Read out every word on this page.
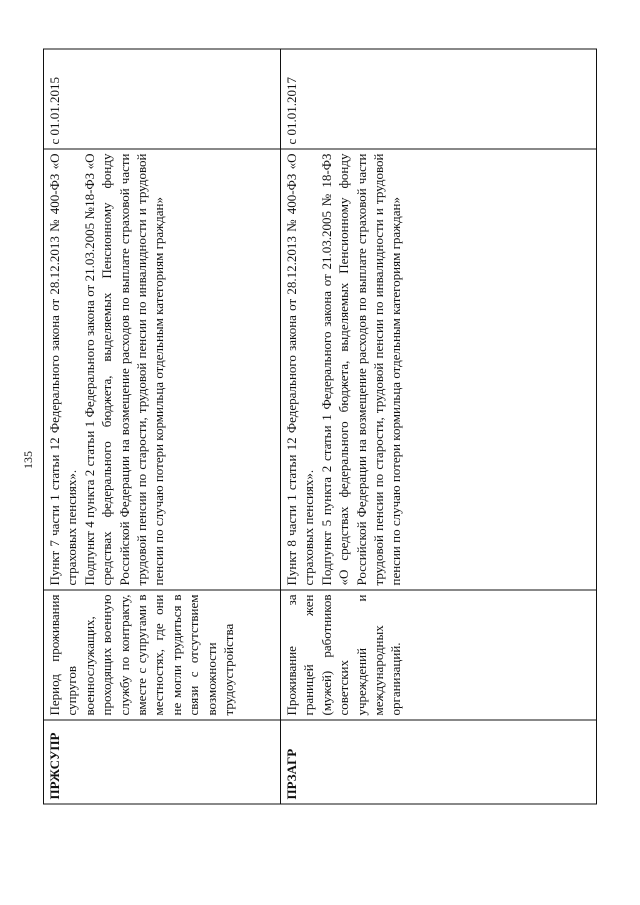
135
ПРЖСУПР	Период проживания супругов военнослужащих, проходящих военную службу по контракту, вместе с супругами в местностях, где они не могли трудиться в связи с отсутствием возможности трудоустройства	Пункт 7 части 1 статьи 12 Федерального закона от 28.12.2013 № 400-ФЗ «О страховых пенсиях». Подпункт 4 пункта 2 статьи 1 Федерального закона от 21.03.2005 №18-ФЗ «О средствах федерального бюджета, выделяемых Пенсионному фонду Российской Федерации на возмещение расходов по выплате страховой части трудовой пенсии по старости, трудовой пенсии по инвалидности и трудовой пенсии по случаю потери кормильца отдельным категориям граждан»	с 01.01.2015
ПРЗАГР	Проживание за границей жен (мужей) работников советских учреждений и международных организаций.	Пункт 8 части 1 статьи 12 Федерального закона от 28.12.2013 № 400-ФЗ «О страховых пенсиях». Подпункт 5 пункта 2 статьи 1 Федерального закона от 21.03.2005 № 18-ФЗ «О средствах федерального бюджета, выделяемых Пенсионному фонду Российской Федерации на возмещение расходов по выплате страховой части трудовой пенсии по старости, трудовой пенсии по инвалидности и трудовой пенсии по случаю потери кормильца отдельным категориям граждан»	с 01.01.2017
